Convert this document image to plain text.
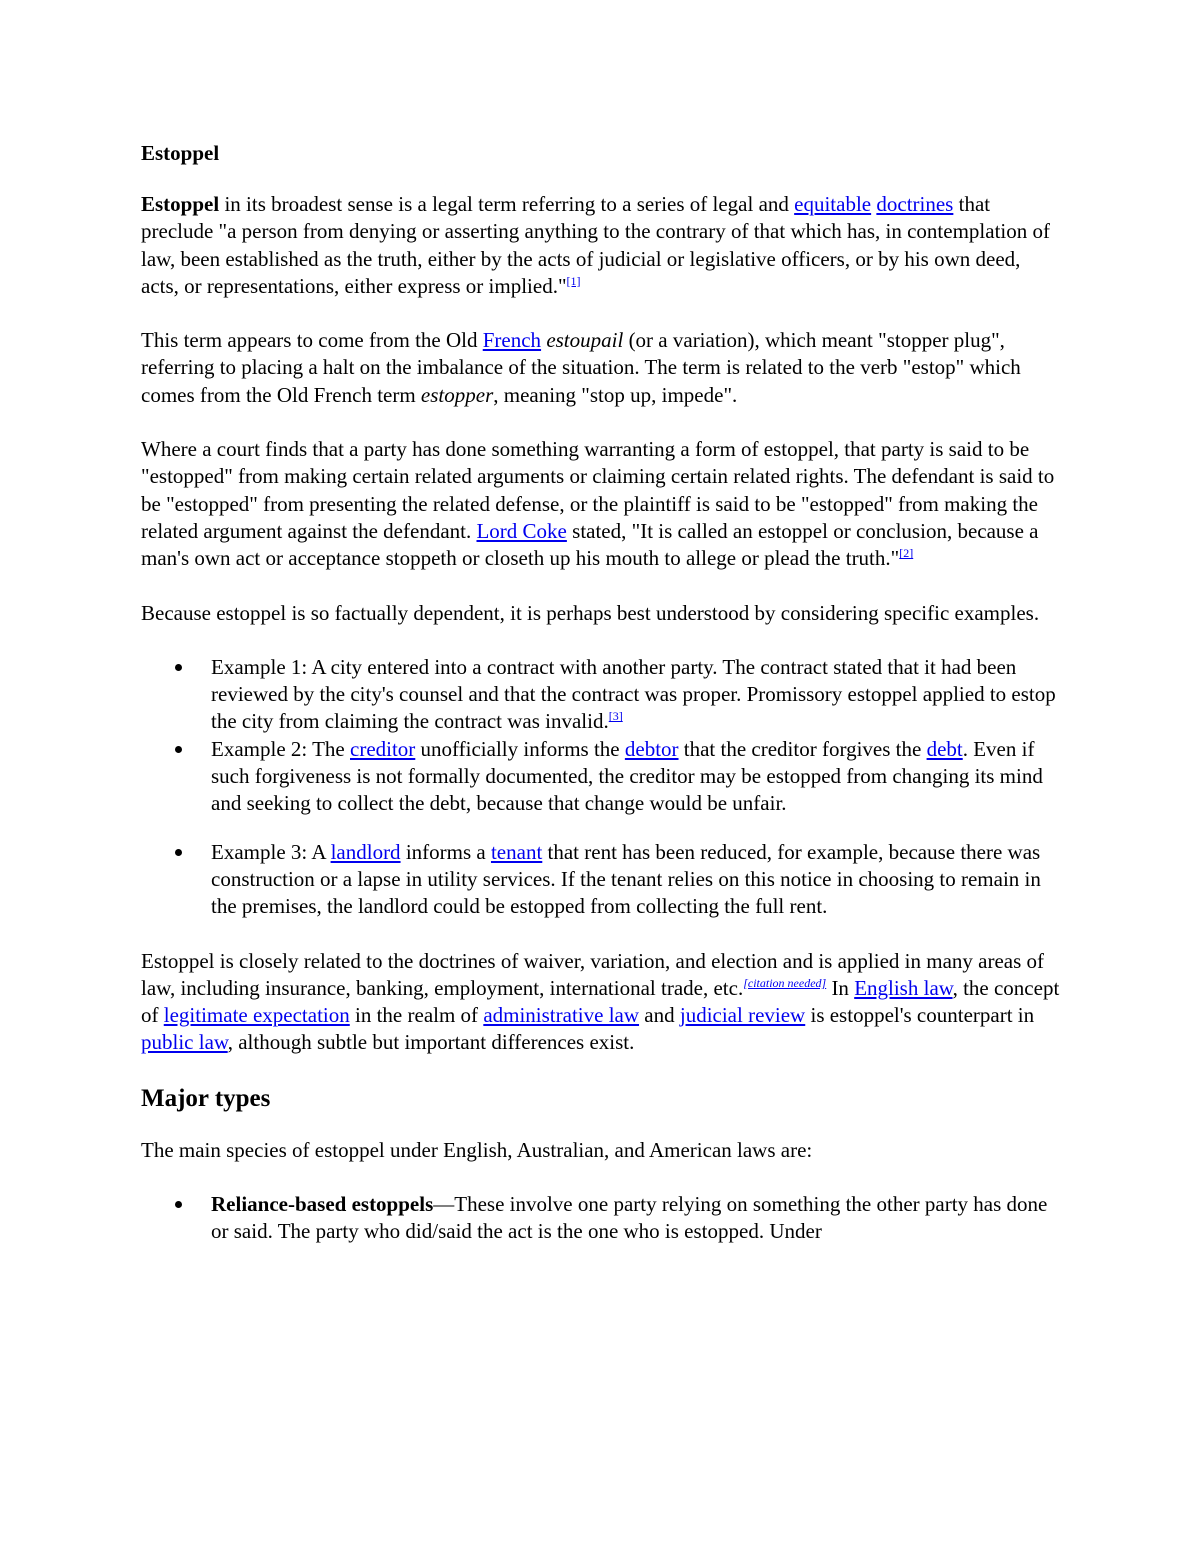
Estoppel

Estoppel in its broadest sense is a legal term referring to a series of legal and equitable doctrines that preclude "a person from denying or asserting anything to the contrary of that which has, in contemplation of law, been established as the truth, either by the acts of judicial or legislative officers, or by his own deed, acts, or representations, either express or implied."[1]

This term appears to come from the Old French estoupail (or a variation), which meant "stopper plug", referring to placing a halt on the imbalance of the situation. The term is related to the verb "estop" which comes from the Old French term estopper, meaning "stop up, impede".

Where a court finds that a party has done something warranting a form of estoppel, that party is said to be "estopped" from making certain related arguments or claiming certain related rights. The defendant is said to be "estopped" from presenting the related defense, or the plaintiff is said to be "estopped" from making the related argument against the defendant. Lord Coke stated, "It is called an estoppel or conclusion, because a man's own act or acceptance stoppeth or closeth up his mouth to allege or plead the truth."[2]

Because estoppel is so factually dependent, it is perhaps best understood by considering specific examples.

Example 1: A city entered into a contract with another party. The contract stated that it had been reviewed by the city's counsel and that the contract was proper. Promissory estoppel applied to estop the city from claiming the contract was invalid.[3]
Example 2: The creditor unofficially informs the debtor that the creditor forgives the debt. Even if such forgiveness is not formally documented, the creditor may be estopped from changing its mind and seeking to collect the debt, because that change would be unfair.
Example 3: A landlord informs a tenant that rent has been reduced, for example, because there was construction or a lapse in utility services. If the tenant relies on this notice in choosing to remain in the premises, the landlord could be estopped from collecting the full rent.

Estoppel is closely related to the doctrines of waiver, variation, and election and is applied in many areas of law, including insurance, banking, employment, international trade, etc.[citation needed] In English law, the concept of legitimate expectation in the realm of administrative law and judicial review is estoppel's counterpart in public law, although subtle but important differences exist.

Major types

The main species of estoppel under English, Australian, and American laws are:

Reliance-based estoppels—These involve one party relying on something the other party has done or said. The party who did/said the act is the one who is estopped. Under
